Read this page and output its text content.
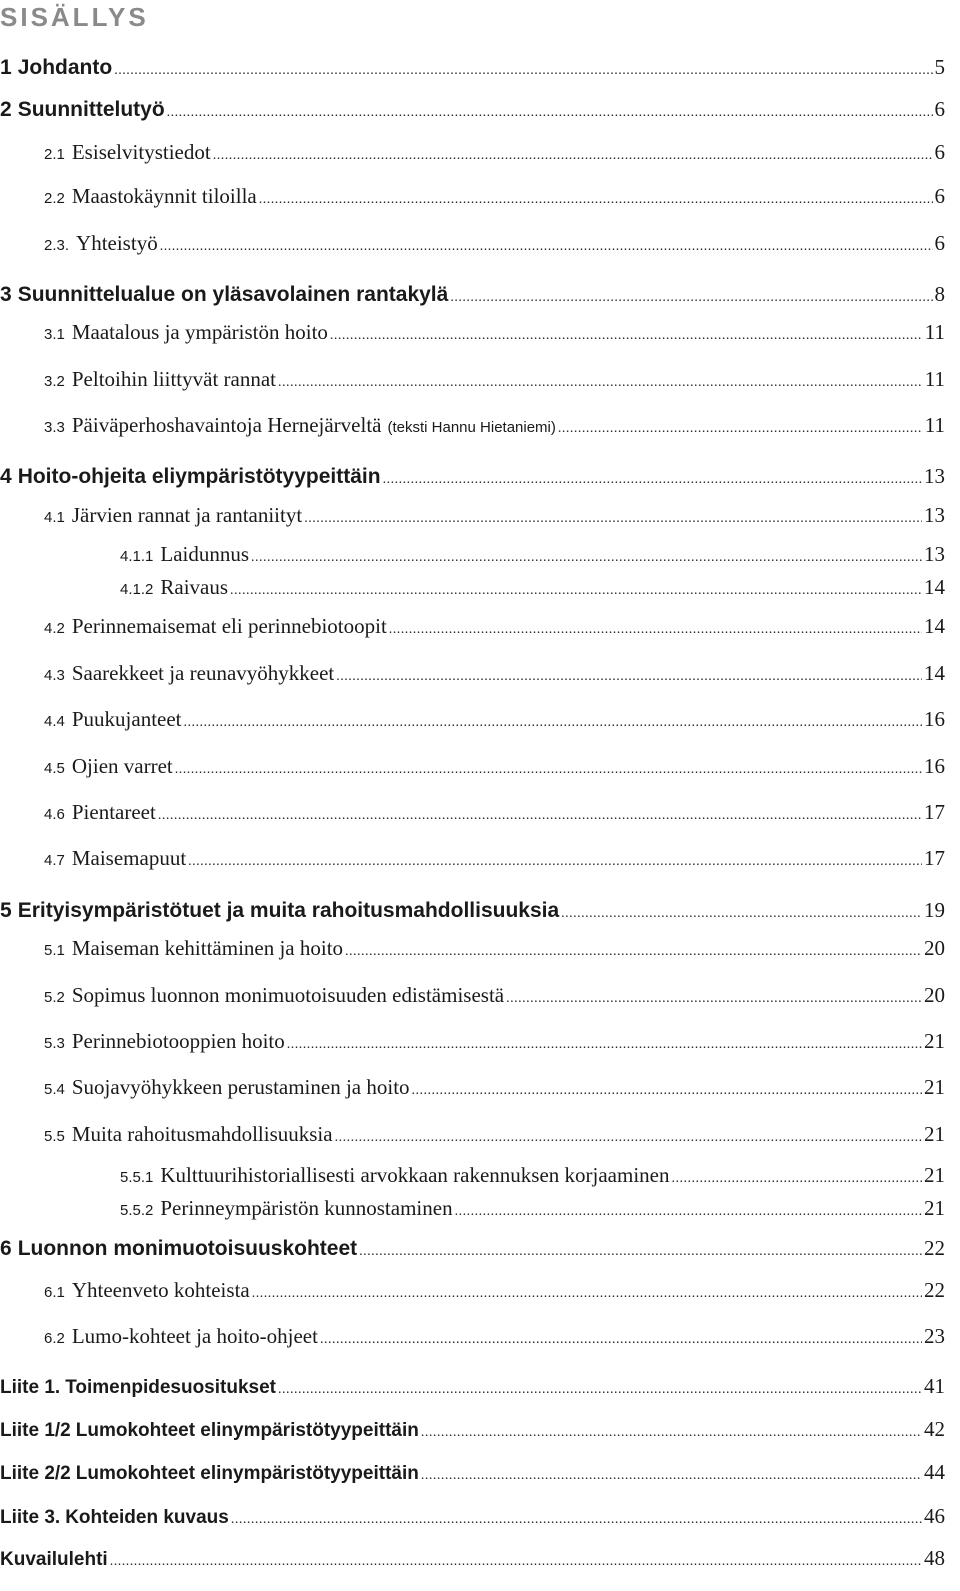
SISÄLLYS
1 Johdanto .....	5
2 Suunnittelutyö .....	6
2.1 Esiselvitystiedot .....	6
2.2 Maastokäynnit tiloilla .....	6
2.3. Yhteistyö .....	6
3 Suunnittelualue on yläsavolainen rantakylä .....	8
3.1 Maatalous ja ympäristön hoito .....	11
3.2 Peltoihin liittyvät rannat .....	11
3.3 Päiväperhoshavaintoja Hernejärveltä (teksti Hannu Hietaniemi) .....	11
4 Hoito-ohjeita eliympäristötyypeittäin .....	13
4.1 Järvien rannat ja rantaniityt .....	13
4.1.1 Laidunnus .....	13
4.1.2 Raivaus .....	14
4.2 Perinnemaisemat eli perinnebiotoopit .....	14
4.3 Saarekkeet ja reunavyöhykkeet .....	14
4.4 Puukujanteet .....	16
4.5 Ojien varret .....	16
4.6 Pientareet .....	17
4.7 Maisemapuut .....	17
5 Erityisympäristötuet ja muita rahoitusmahdollisuuksia .....	19
5.1 Maiseman kehittäminen ja hoito .....	20
5.2 Sopimus luonnon monimuotoisuuden edistämisestä .....	20
5.3 Perinnebiotooppien hoito .....	21
5.4 Suojavyöhykkeen perustaminen ja hoito .....	21
5.5 Muita rahoitusmahdollisuuksia .....	21
5.5.1 Kulttuurihistoriallisesti arvokkaan rakennuksen korjaaminen .....	21
5.5.2 Perinneympäristön kunnostaminen .....	21
6 Luonnon monimuotoisuuskohteet .....	22
6.1 Yhteenveto kohteista .....	22
6.2 Lumo-kohteet ja hoito-ohjeet .....	23
Liite 1. Toimenpidesuositukset .....	41
Liite 1/2 Lumokohteet elinympäristötyypeittäin .....	42
Liite 2/2 Lumokohteet elinympäristötyypeittäin .....	44
Liite 3. Kohteiden kuvaus .....	46
Kuvailulehti .....	48
